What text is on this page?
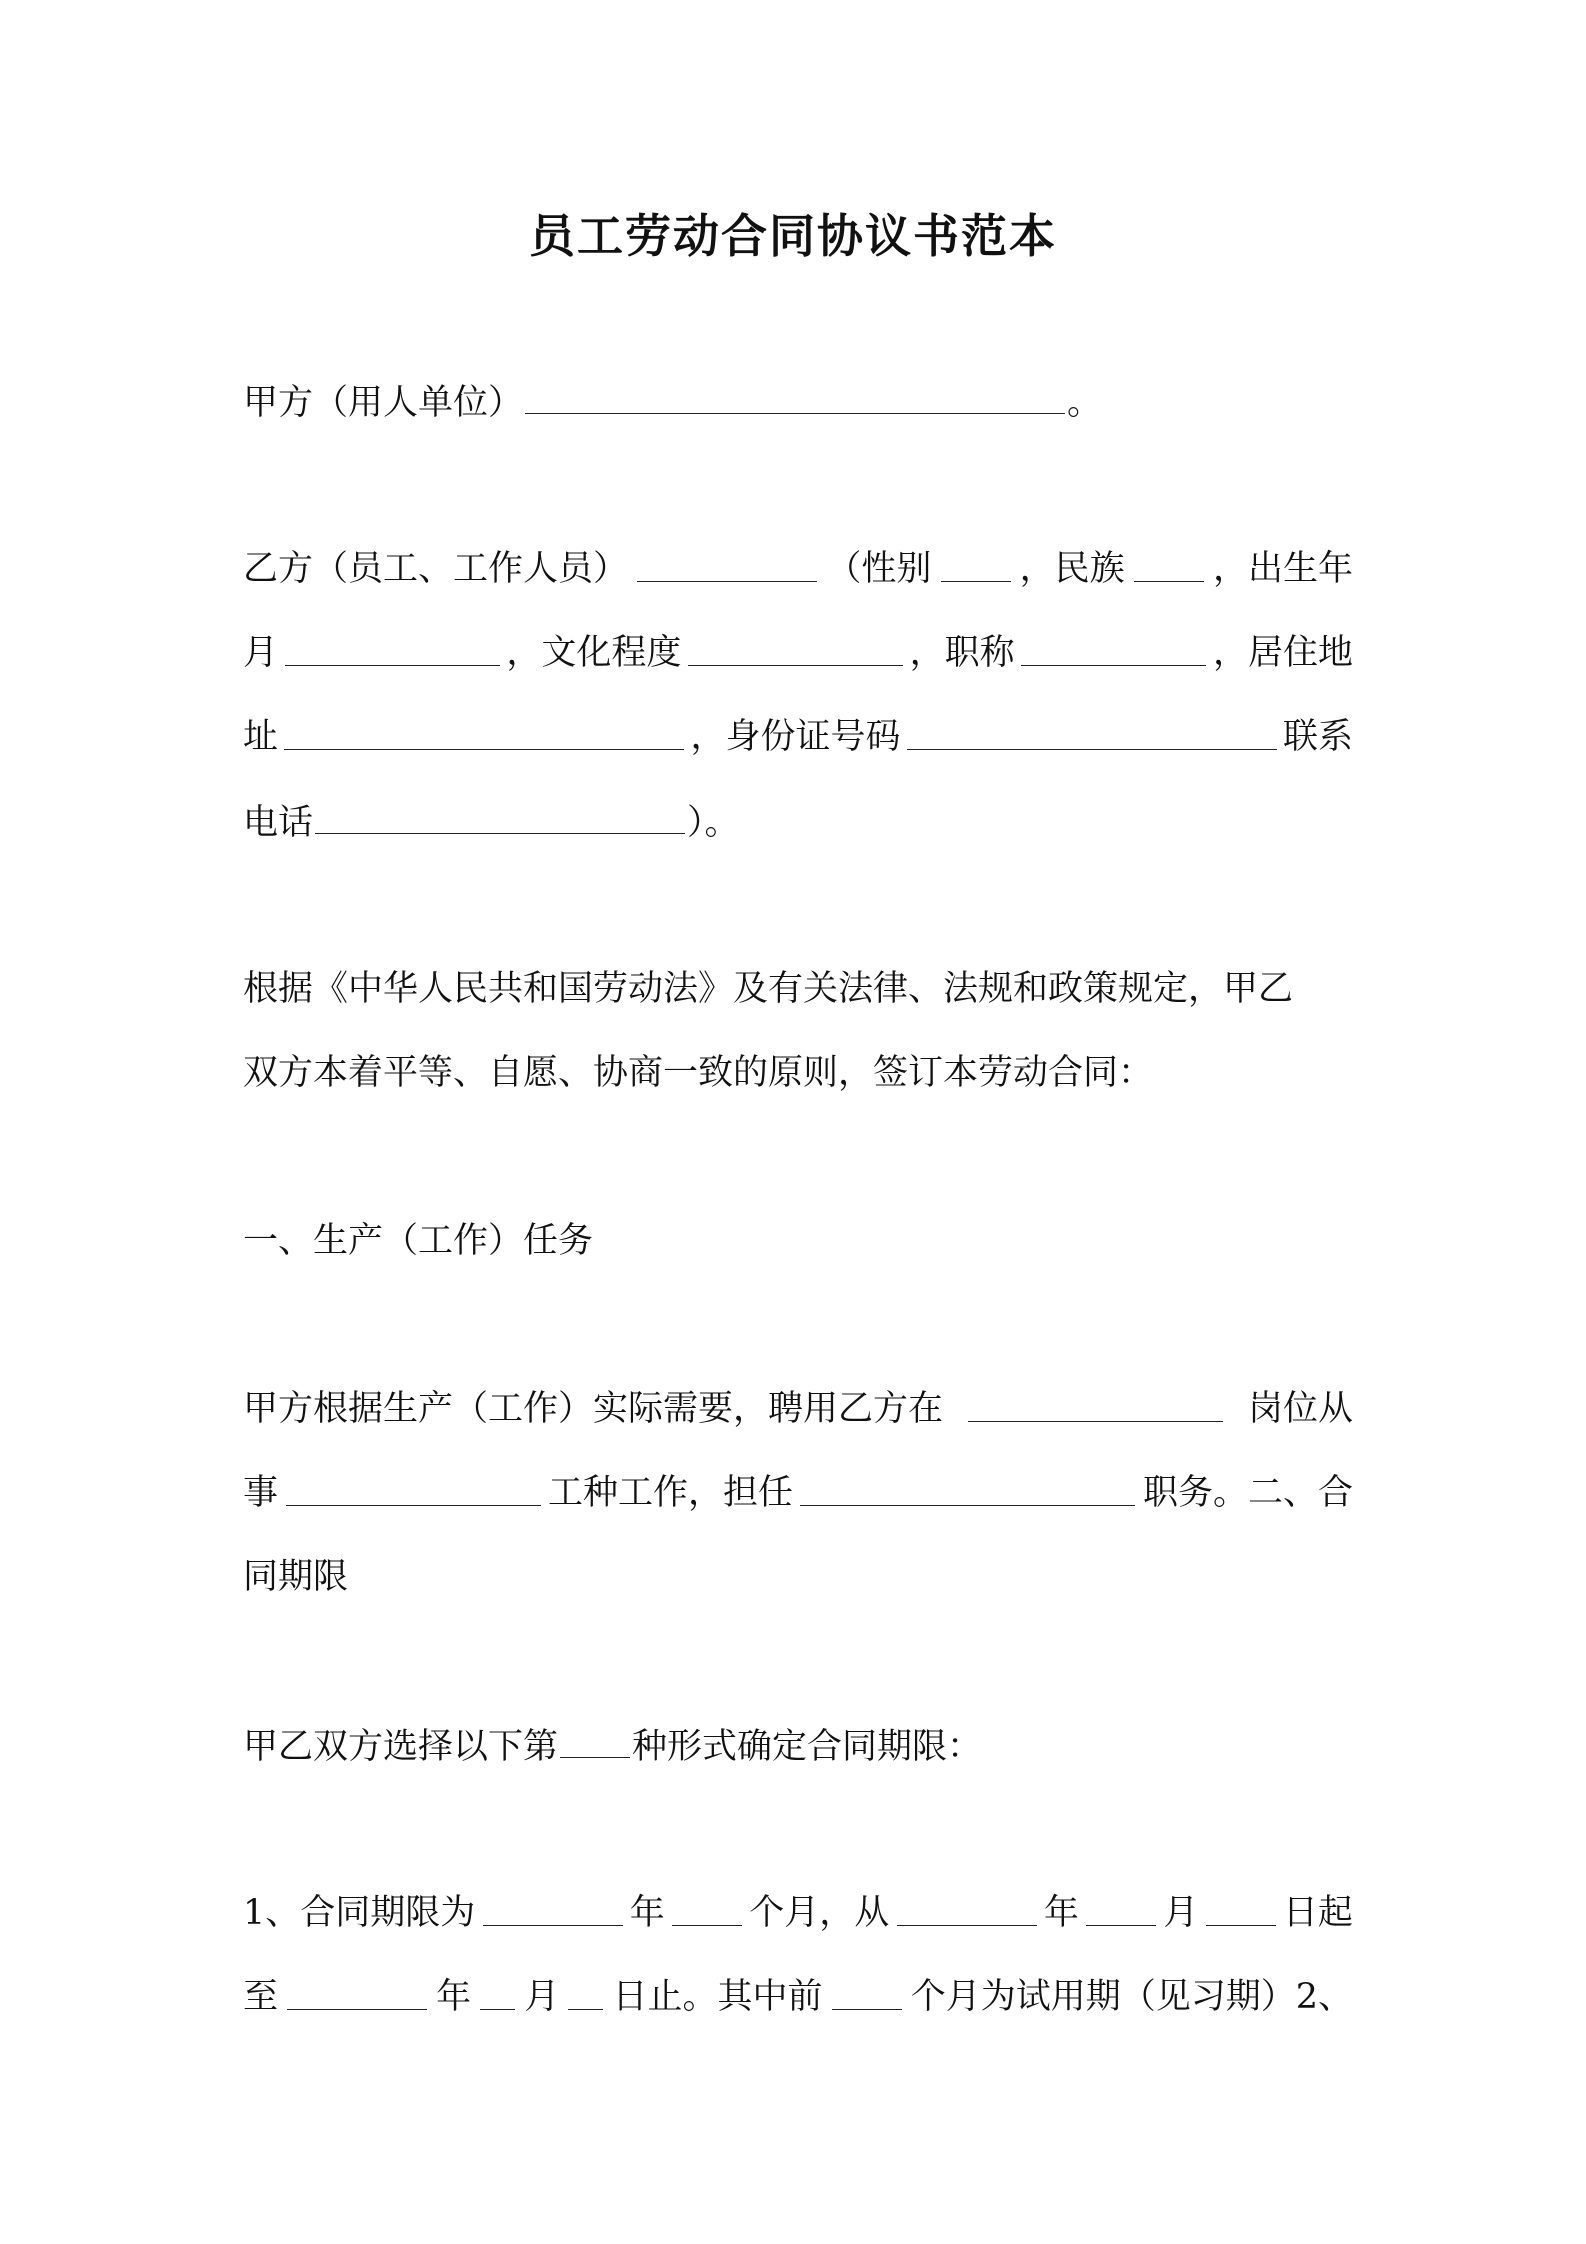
员工劳动合同协议书范本
甲方（用人单位）	。
乙方（员工、工作人员）	（性别	，民族	，出生年
月	，文化程度	，职称	，居住地
址	，身份证号码	联系
电话	）。
根据《中华人民共和国劳动法》及有关法律、法规和政策规定，甲乙
双方本着平等、自愿、协商一致的原则，签订本劳动合同：
一、生产（工作）任务
甲方根据生产（工作）实际需要，聘用乙方在	岗位从
事	工种工作，担任	职务。二、合
同期限
甲乙双方选择以下第 种形式确定合同期限：
1、合同期限为	年 个月，从	年 月 日起
至	年 月 日止。其中前	个月为试用期（见习期）2、
